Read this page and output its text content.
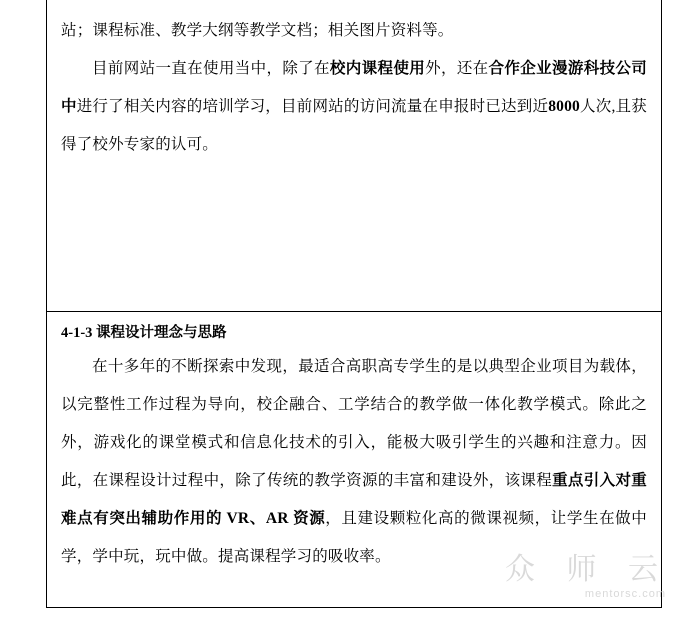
站；课程标准、教学大纲等教学文档；相关图片资料等。

目前网站一直在使用当中，除了在校内课程使用外，还在合作企业漫游科技公司中进行了相关内容的培训学习，目前网站的访问流量在申报时已达到近8000人次,且获得了校外专家的认可。

4-1-3 课程设计理念与思路

在十多年的不断探索中发现，最适合高职高专学生的是以典型企业项目为载体，以完整性工作过程为导向，校企融合、工学结合的教学做一体化教学模式。除此之外，游戏化的课堂模式和信息化技术的引入，能极大吸引学生的兴趣和注意力。因此，在课程设计过程中，除了传统的教学资源的丰富和建设外，该课程重点引入对重难点有突出辅助作用的 VR、AR 资源，且建设颗粒化高的微课视频，让学生在做中学，学中玩，玩中做。提高课程学习的吸收率。	众 师 云
mentorsc.com
